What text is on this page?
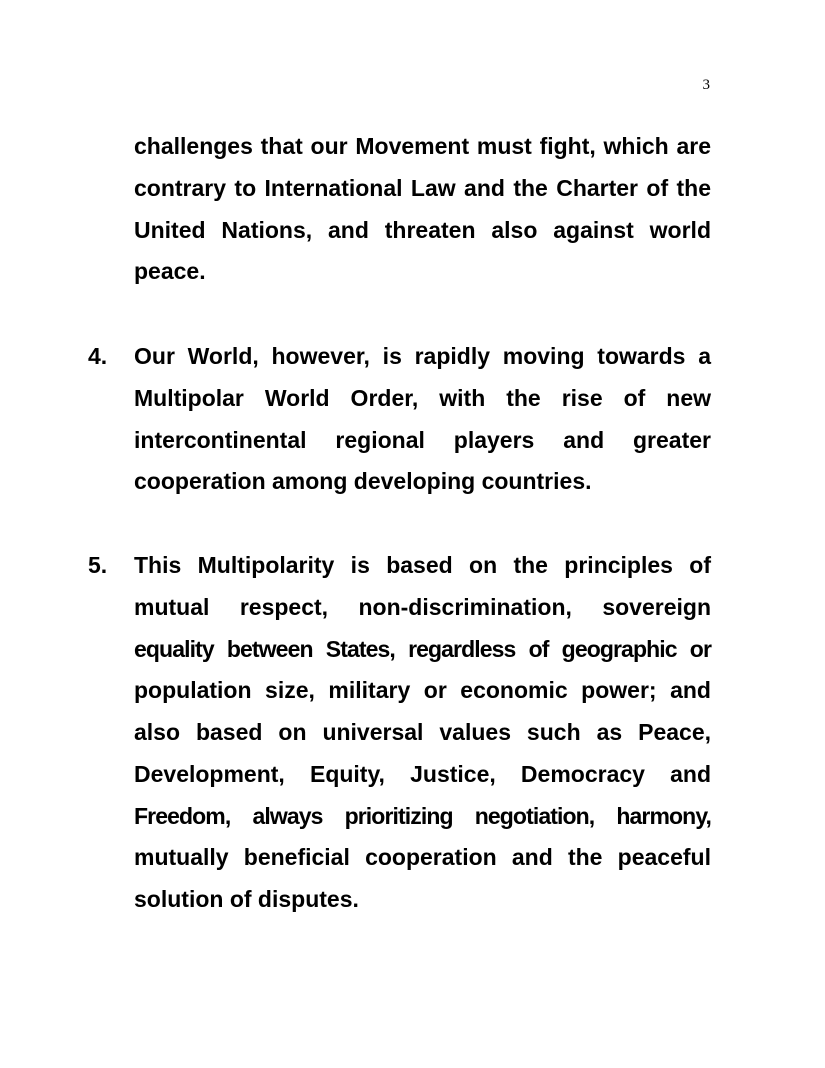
3

challenges that our Movement must fight, which are contrary to International Law and the Charter of the United Nations, and threaten also against world peace.

4.	Our World, however, is rapidly moving towards a Multipolar World Order, with the rise of new intercontinental regional players and greater cooperation among developing countries.

5.	This Multipolarity is based on the principles of mutual respect, non-discrimination, sovereign equality between States, regardless of geographic or population size, military or economic power; and also based on universal values such as Peace, Development, Equity, Justice, Democracy and Freedom, always prioritizing negotiation, harmony, mutually beneficial cooperation and the peaceful solution of disputes.
